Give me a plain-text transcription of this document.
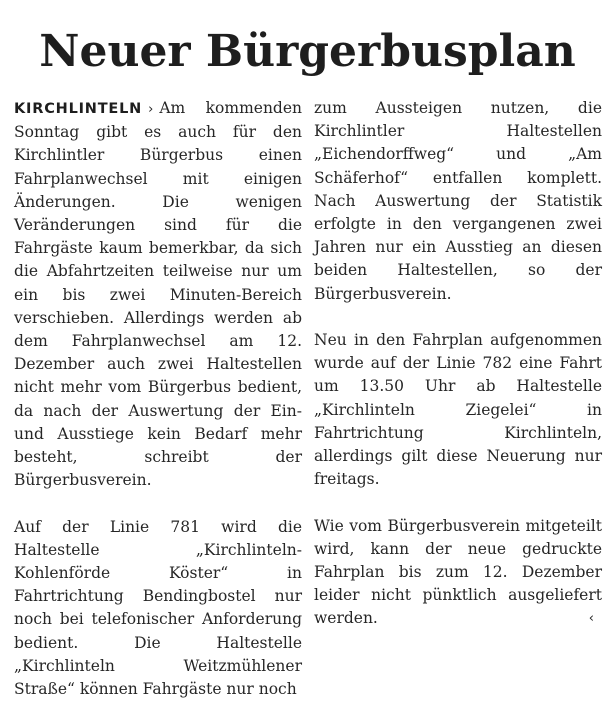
Neuer Bürgerbusplan

KIRCHLINTELN › Am kommenden Sonntag gibt es auch für den Kirchlintler Bürgerbus einen Fahrplanwechsel mit einigen Änderungen. Die wenigen Veränderungen sind für die Fahrgäste kaum bemerkbar, da sich die Abfahrtzeiten teilweise nur um ein bis zwei Minuten-Bereich verschieben. Allerdings werden ab dem Fahrplanwechsel am 12. Dezember auch zwei Haltestellen nicht mehr vom Bürgerbus bedient, da nach der Auswertung der Ein- und Ausstiege kein Bedarf mehr besteht, schreibt der Bürgerbusverein.

Auf der Linie 781 wird die Haltestelle „Kirchlinteln-Kohlenförde Köster“ in Fahrtrichtung Bendingbostel nur noch bei telefonischer Anforderung bedient. Die Haltestelle „Kirchlinteln Weitzmühlener Straße“ können Fahrgäste nur noch

zum Aussteigen nutzen, die Kirchlintler Haltestellen „Eichendorffweg“ und „Am Schäferhof“ entfallen komplett. Nach Auswertung der Statistik erfolgte in den vergangenen zwei Jahren nur ein Ausstieg an diesen beiden Haltestellen, so der Bürgerbusverein.

Neu in den Fahrplan aufgenommen wurde auf der Linie 782 eine Fahrt um 13.50 Uhr ab Haltestelle „Kirchlinteln Ziegelei“ in Fahrtrichtung Kirchlinteln, allerdings gilt diese Neuerung nur freitags.

Wie vom Bürgerbusverein mitgeteilt wird, kann der neue gedruckte Fahrplan bis zum 12. Dezember leider nicht pünktlich ausgeliefert werden.	‹
